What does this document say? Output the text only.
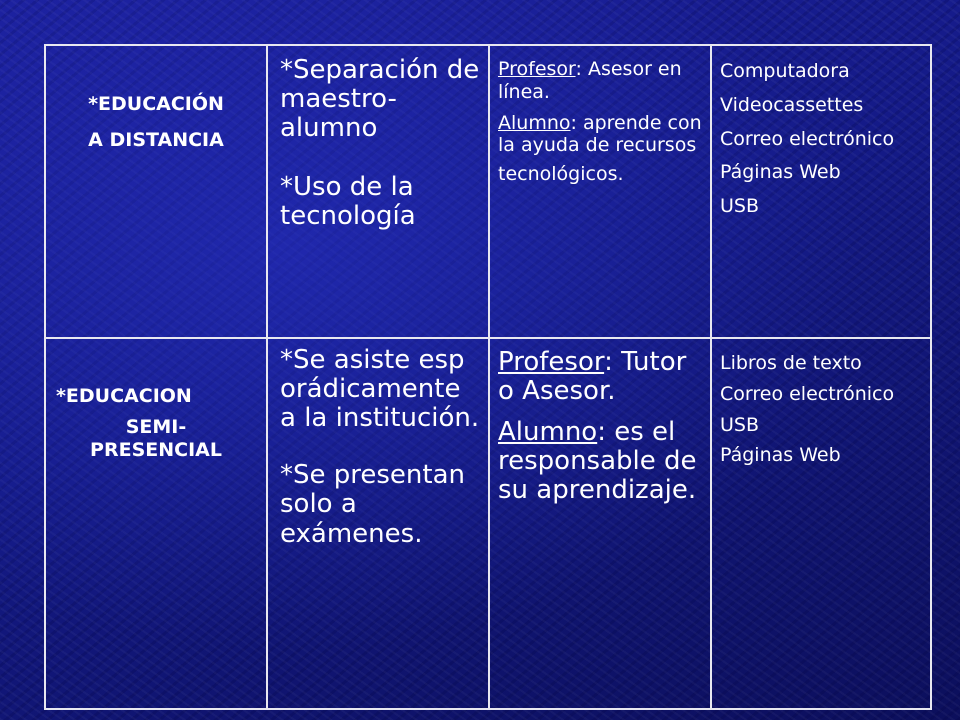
*EDUCACIÓN

A DISTANCIA

*Separación de maestro-alumno

*Uso de la tecnología

Profesor: Asesor en línea.

Alumno: aprende con la ayuda de recursos

tecnológicos.

Computadora

Videocassettes

Correo electrónico

Páginas Web

USB

*EDUCACION

SEMI-PRESENCIAL

*Se asiste esporádicamente a la institución.

*Se presentan solo a exámenes.

Profesor: Tutor o Asesor.

Alumno: es el responsable de su aprendizaje.

Libros de texto

Correo electrónico

USB

Páginas Web
